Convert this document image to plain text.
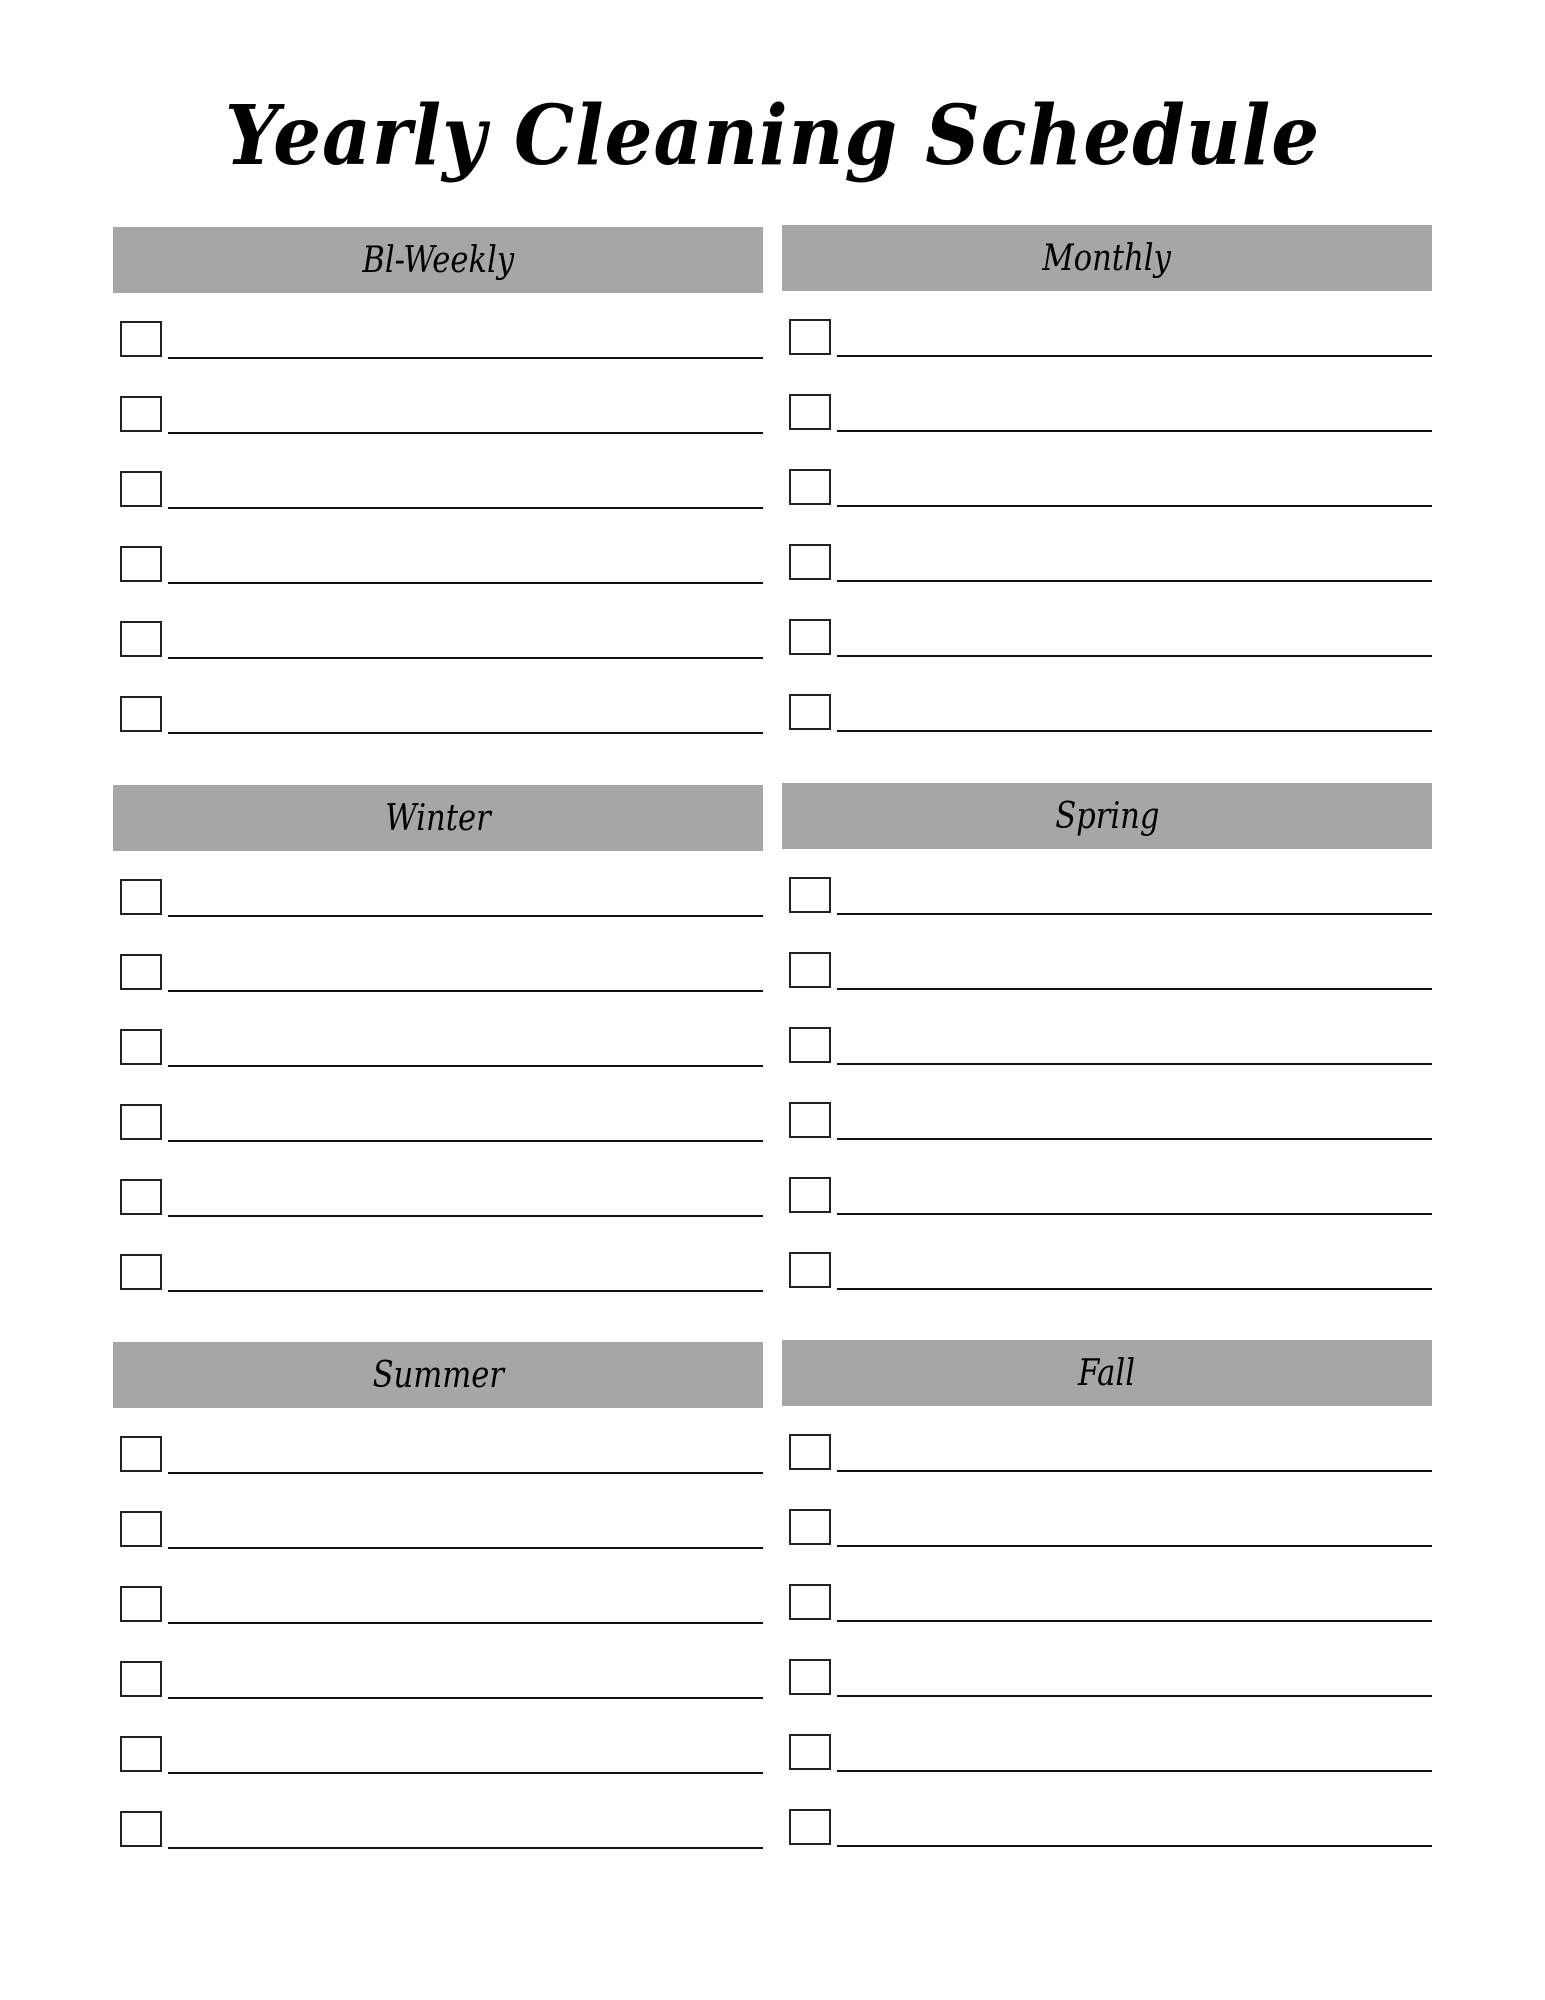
Yearly Cleaning Schedule
Bl-Weekly	Monthly
Winter	Spring
Summer	Fall
